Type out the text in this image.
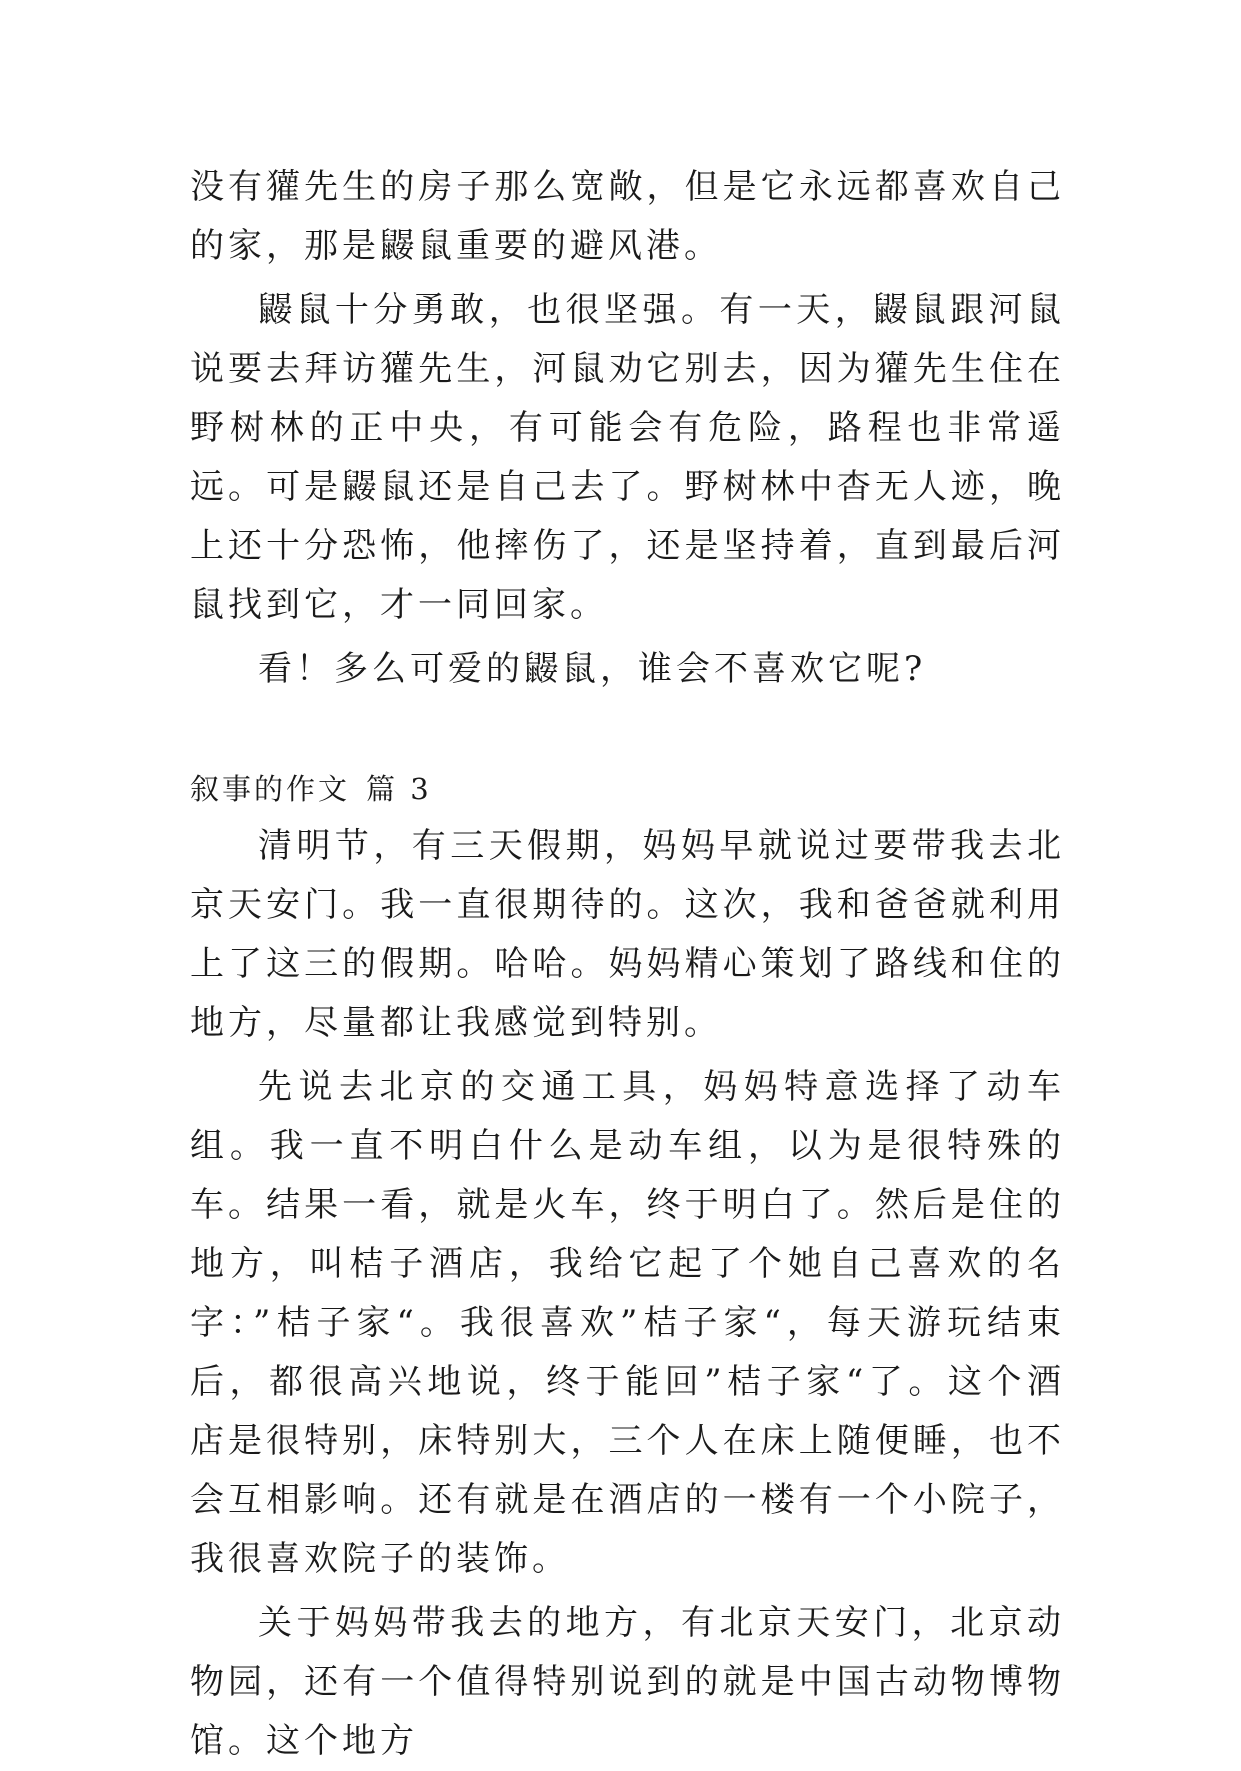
没有獾先生的房子那么宽敞，但是它永远都喜欢自己的家，那是鼹鼠重要的避风港。

鼹鼠十分勇敢，也很坚强。有一天，鼹鼠跟河鼠说要去拜访獾先生，河鼠劝它别去，因为獾先生住在野树林的正中央，有可能会有危险，路程也非常遥远。可是鼹鼠还是自己去了。野树林中杳无人迹，晚上还十分恐怖，他摔伤了，还是坚持着，直到最后河鼠找到它，才一同回家。

看！多么可爱的鼹鼠，谁会不喜欢它呢?

叙事的作文 篇 3

清明节，有三天假期，妈妈早就说过要带我去北京天安门。我一直很期待的。这次，我和爸爸就利用上了这三的假期。哈哈。妈妈精心策划了路线和住的地方，尽量都让我感觉到特别。

先说去北京的交通工具，妈妈特意选择了动车组。我一直不明白什么是动车组，以为是很特殊的车。结果一看，就是火车，终于明白了。然后是住的地方，叫桔子酒店，我给它起了个她自己喜欢的名字：”桔子家“。我很喜欢”桔子家“，每天游玩结束后，都很高兴地说，终于能回”桔子家“了。这个酒店是很特别，床特别大，三个人在床上随便睡，也不会互相影响。还有就是在酒店的一楼有一个小院子，我很喜欢院子的装饰。

关于妈妈带我去的地方，有北京天安门，北京动物园，还有一个值得特别说到的就是中国古动物博物馆。这个地方
